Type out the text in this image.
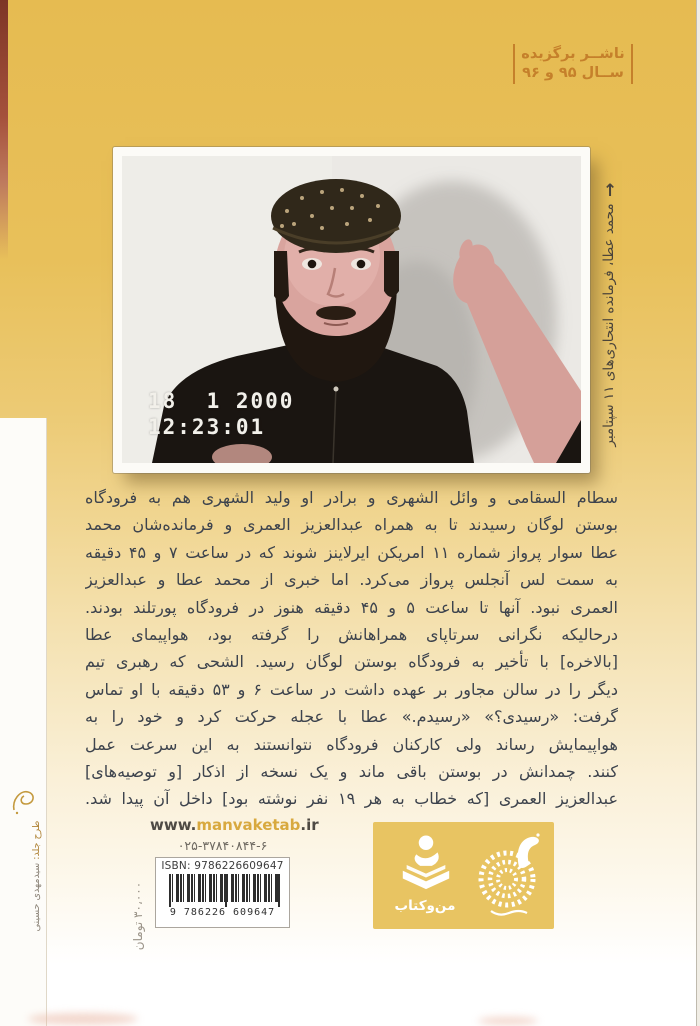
ناشــر برگزیده
ســال ۹۵ و ۹۶
↑
محمد عطا، فرمانده انتحاری‌های ۱۱ سپتامبر
18  1 2000
12:23:01
سطام السقامی و وائل الشهری و برادر او ولید الشهری هم به فرودگاه
بوستن لوگان رسیدند تا به همراه عبدالعزیز العمری و فرمانده‌شان محمد
عطا سوار پرواز شماره ۱۱ امریکن ایرلاینز شوند که در ساعت ۷ و ۴۵ دقیقه
به سمت لس آنجلس پرواز می‌کرد. اما خبری از محمد عطا و عبدالعزیز
العمری نبود. آنها تا ساعت ۵ و ۴۵ دقیقه هنوز در فرودگاه پورتلند بودند.
درحالیکه نگرانی سرتاپای همراهانش را گرفته بود، هواپیمای عطا
[بالاخره] با تأخیر به فرودگاه بوستن لوگان رسید. الشحی که رهبری تیم
دیگر را در سالن مجاور بر عهده داشت در ساعت ۶ و ۵۳ دقیقه با او تماس
گرفت: «رسیدی؟» «رسیدم.» عطا با عجله حرکت کرد و خود را به
هواپیمایش رساند ولی کارکنان فرودگاه نتوانستند به این سرعت عمل
کنند. چمدانش در بوستن باقی ماند و یک نسخه از اذکار [و توصیه‌های]
عبدالعزیز العمری [که خطاب به هر ۱۹ نفر نوشته بود] داخل آن پیدا شد.
www.manvaketab.ir
۰۲۵-۳۷۸۴۰۸۴۴-۶
ISBN: 9786226609647
9 786226 609647
۳۰،۰۰۰ تومان
طرح جلد: سیدمهدی حسینی	من‌وکتاب
